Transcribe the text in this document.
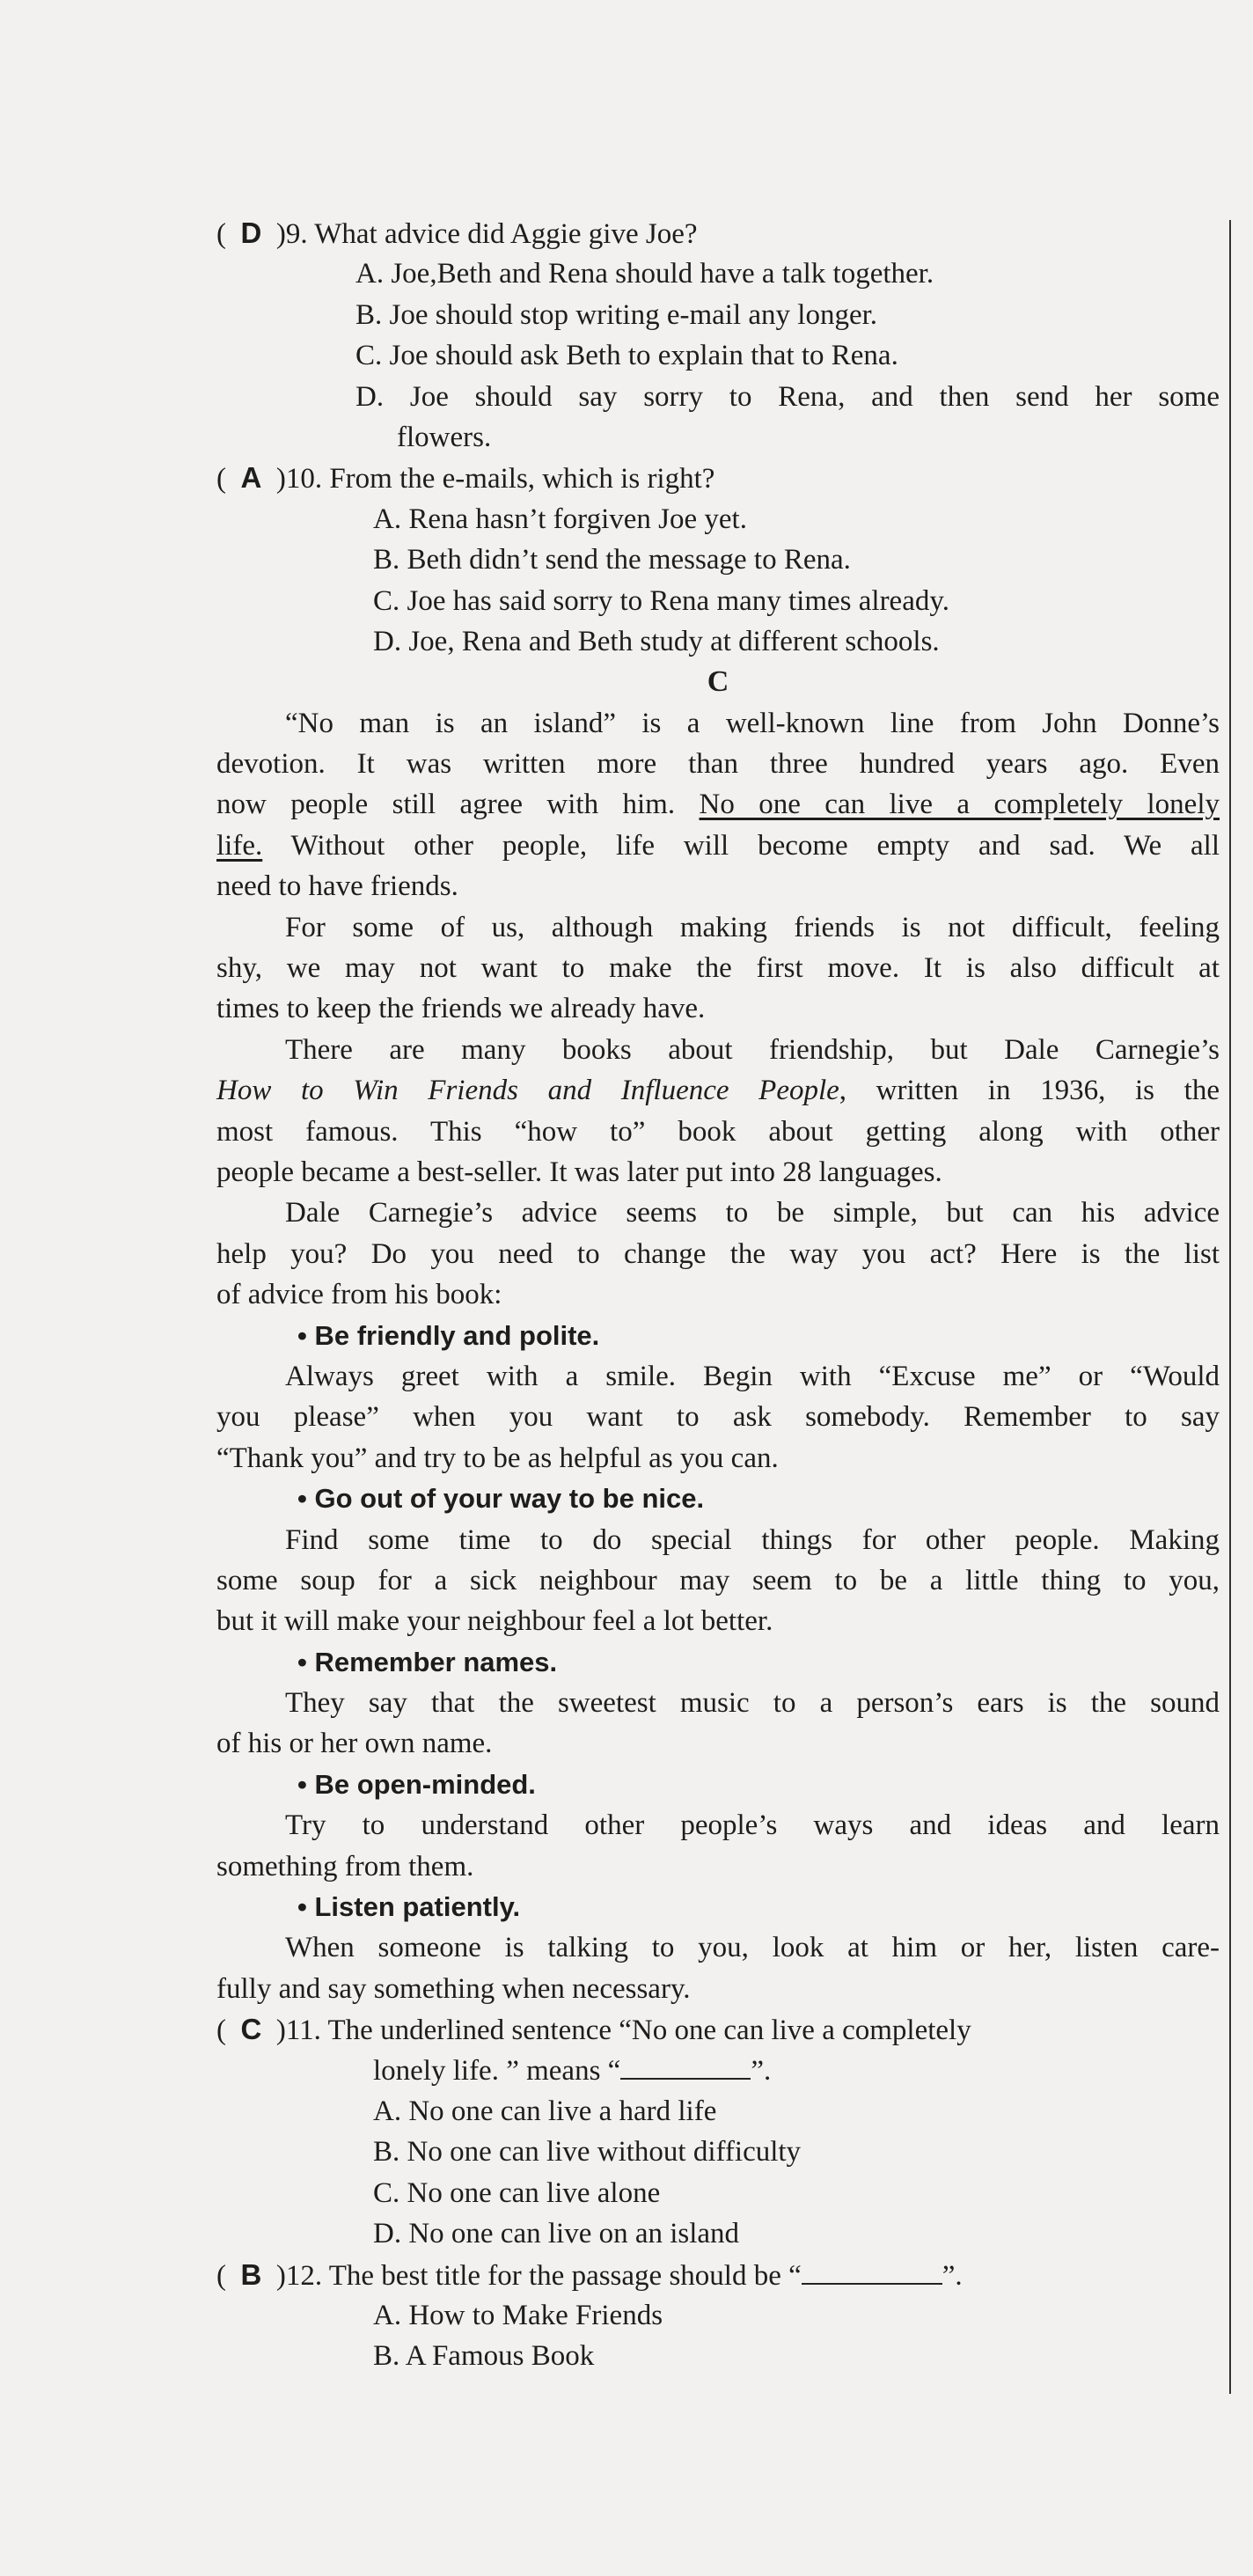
(  D )9. What advice did Aggie give Joe?
A. Joe,Beth and Rena should have a talk together.
B. Joe should stop writing e-mail any longer.
C. Joe should ask Beth to explain that to Rena.
D. Joe should say sorry to Rena, and then send her some
flowers.
(  A )10. From the e-mails, which is right?
A. Rena hasn’t forgiven Joe yet.
B. Beth didn’t send the message to Rena.
C. Joe has said sorry to Rena many times already.
D. Joe, Rena and Beth study at different schools.
C
“No man is an island” is a well-known line from John Donne’s
devotion. It was written more than three hundred years ago. Even
now people still agree with him. No one can live a completely lonely
life. Without other people, life will become empty and sad. We all
need to have friends.
For some of us, although making friends is not difficult, feeling
shy, we may not want to make the first move. It is also difficult at
times to keep the friends we already have.
There are many books about friendship, but Dale Carnegie’s
How to Win Friends and Influence People, written in 1936, is the
most famous. This “how to” book about getting along with other
people became a best-seller. It was later put into 28 languages.
Dale Carnegie’s advice seems to be simple, but can his advice
help you? Do you need to change the way you act? Here is the list
of advice from his book:
• Be friendly and polite.
Always greet with a smile. Begin with “Excuse me” or “Would
you please” when you want to ask somebody. Remember to say
“Thank you” and try to be as helpful as you can.
• Go out of your way to be nice.
Find some time to do special things for other people. Making
some soup for a sick neighbour may seem to be a little thing to you,
but it will make your neighbour feel a lot better.
• Remember names.
They say that the sweetest music to a person’s ears is the sound
of his or her own name.
• Be open-minded.
Try to understand other people’s ways and ideas and learn
something from them.
• Listen patiently.
When someone is talking to you, look at him or her, listen care-
fully and say something when necessary.
(  C )11. The underlined sentence “No one can live a completely
lonely life. ” means “	”.
A. No one can live a hard life
B. No one can live without difficulty
C. No one can live alone
D. No one can live on an island
(  B )12. The best title for the passage should be “	”.
A. How to Make Friends
B. A Famous Book
